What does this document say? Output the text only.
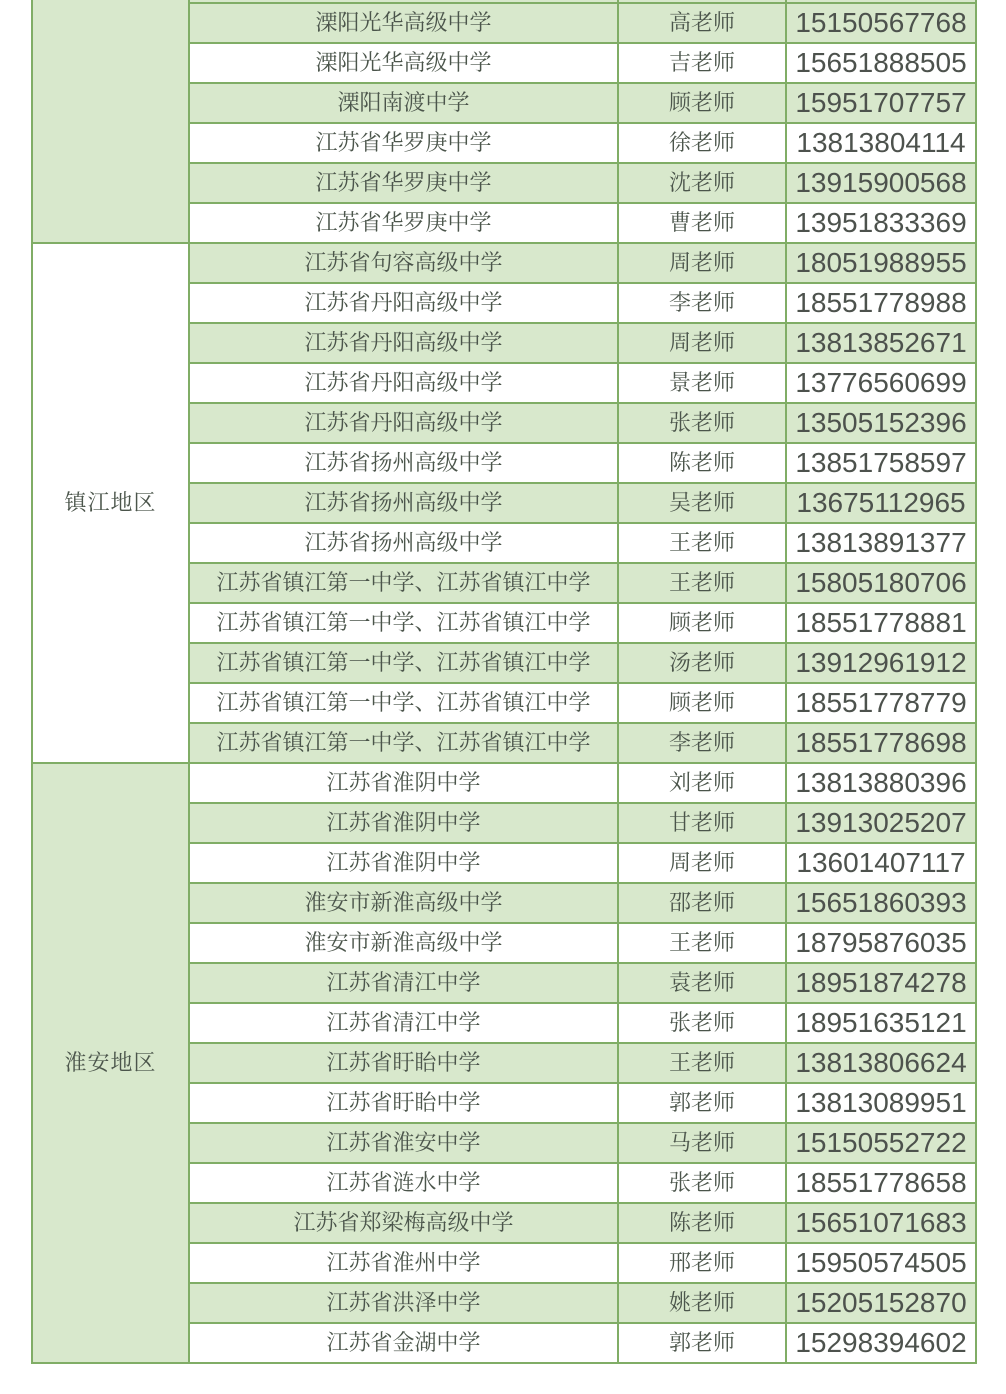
溧阳光华高级中学	高老师	15150567768
溧阳光华高级中学	吉老师	15651888505
溧阳南渡中学	顾老师	15951707757
江苏省华罗庚中学	徐老师	13813804114
江苏省华罗庚中学	沈老师	13915900568
江苏省华罗庚中学	曹老师	13951833369
镇江地区
江苏省句容高级中学	周老师	18051988955
江苏省丹阳高级中学	李老师	18551778988
江苏省丹阳高级中学	周老师	13813852671
江苏省丹阳高级中学	景老师	13776560699
江苏省丹阳高级中学	张老师	13505152396
江苏省扬州高级中学	陈老师	13851758597
江苏省扬州高级中学	吴老师	13675112965
江苏省扬州高级中学	王老师	13813891377
江苏省镇江第一中学、江苏省镇江中学	王老师	15805180706
江苏省镇江第一中学、江苏省镇江中学	顾老师	18551778881
江苏省镇江第一中学、江苏省镇江中学	汤老师	13912961912
江苏省镇江第一中学、江苏省镇江中学	顾老师	18551778779
江苏省镇江第一中学、江苏省镇江中学	李老师	18551778698
淮安地区
江苏省淮阴中学	刘老师	13813880396
江苏省淮阴中学	甘老师	13913025207
江苏省淮阴中学	周老师	13601407117
淮安市新淮高级中学	邵老师	15651860393
淮安市新淮高级中学	王老师	18795876035
江苏省清江中学	袁老师	18951874278
江苏省清江中学	张老师	18951635121
江苏省盱眙中学	王老师	13813806624
江苏省盱眙中学	郭老师	13813089951
江苏省淮安中学	马老师	15150552722
江苏省涟水中学	张老师	18551778658
江苏省郑梁梅高级中学	陈老师	15651071683
江苏省淮州中学	邢老师	15950574505
江苏省洪泽中学	姚老师	15205152870
江苏省金湖中学	郭老师	15298394602
